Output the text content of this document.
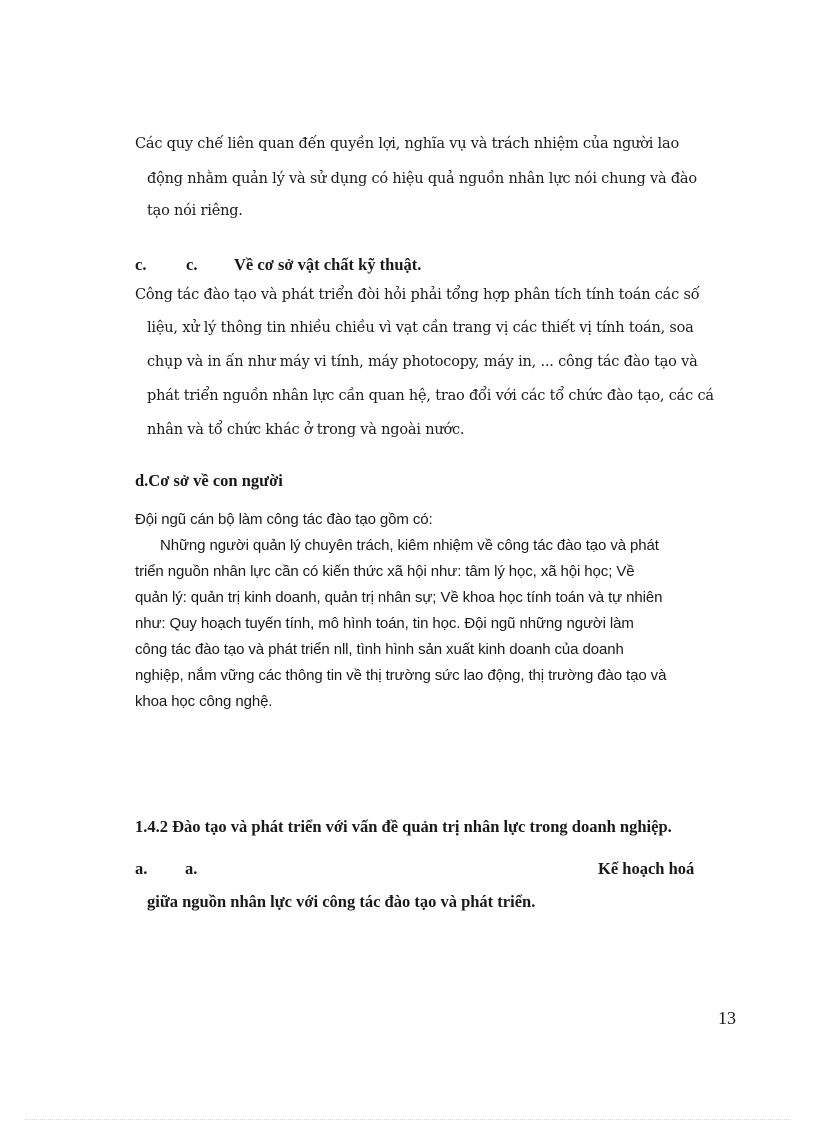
Các quy chế liên quan đến quyền lợi, nghĩa vụ và trách nhiệm của người lao
động nhằm quản lý và sử dụng có hiệu quả nguồn nhân lực nói chung và đào
tạo nói riêng.
c. c. Về cơ sở vật chất kỹ thuật.
Công tác đào tạo và phát triển đòi hỏi phải tổng hợp phân tích tính toán các số
liệu, xử lý thông tin nhiều chiều vì vạt cần trang vị các thiết vị tính toán, soa
chụp và in ấn như máy vi tính, máy photocopy, máy in, ... công tác đào tạo và
phát triển nguồn nhân lực cần quan hệ, trao đổi với các tổ chức đào tạo, các cá
nhân và tổ chức khác ở trong và ngoài nước.
d.Cơ sở về con người
Đội ngũ cán bộ làm công tác đào tạo gồm có:
Những người quản lý chuyên trách, kiêm nhiệm về công tác đào tạo và phát
triển nguồn nhân lực cần có kiến thức xã hội như: tâm lý học, xã hội học; Về
quản lý: quản trị kinh doanh, quản trị nhân sự; Về khoa học tính toán và tự nhiên
như: Quy hoạch tuyến tính, mô hình toán, tin học. Đội ngũ những người làm
công tác đào tạo và phát triển nll, tình hình sản xuất kinh doanh của doanh
nghiệp, nắm vững các thông tin về thị trường sức lao động, thị trường đào tạo và
khoa học công nghệ.
1.4.2 Đào tạo và phát triển với vấn đề quản trị nhân lực trong doanh nghiệp.
a. a.	Kế hoạch hoá
giữa nguồn nhân lực với công tác đào tạo và phát triển.
13
